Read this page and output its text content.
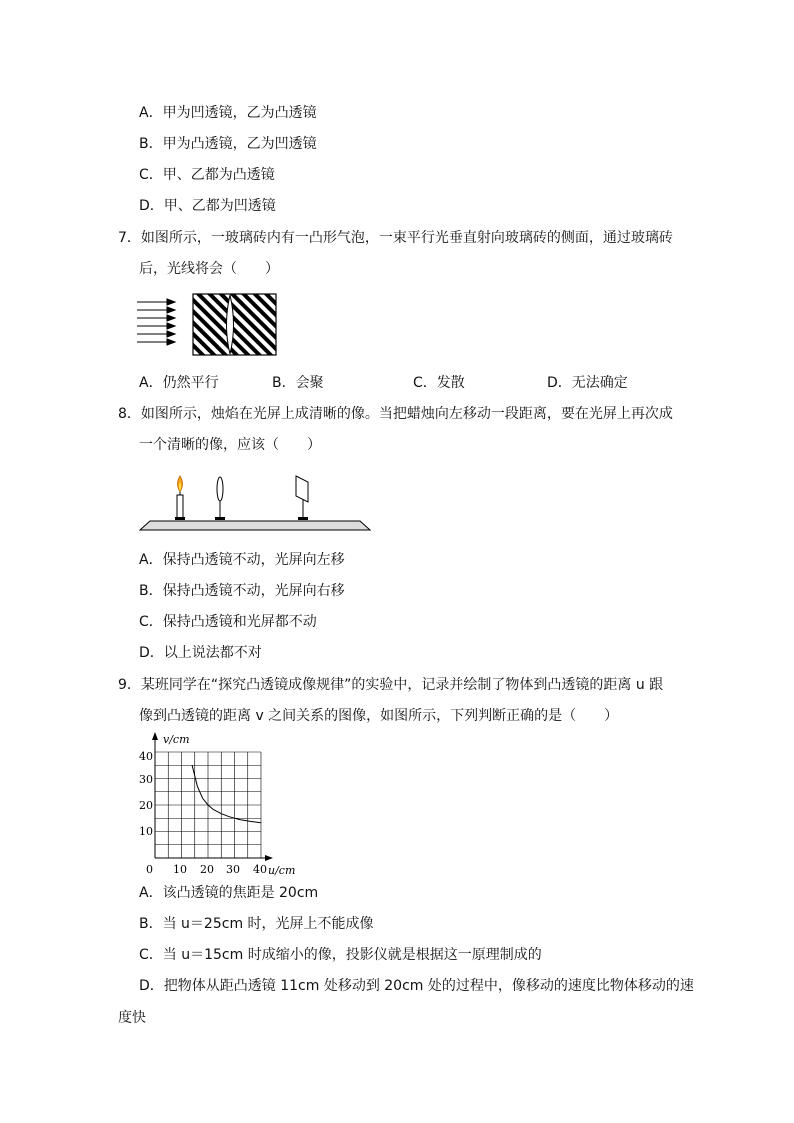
A．甲为凹透镜，乙为凸透镜
B．甲为凸透镜，乙为凹透镜
C．甲、乙都为凸透镜
D．甲、乙都为凹透镜
7．如图所示，一玻璃砖内有一凸形气泡，一束平行光垂直射向玻璃砖的侧面，通过玻璃砖
后，光线将会（　　）
A．仍然平行	B．会聚	C．发散	D．无法确定
8．如图所示，烛焰在光屏上成清晰的像。当把蜡烛向左移动一段距离，要在光屏上再次成
一个清晰的像，应该（　　）
A．保持凸透镜不动，光屏向左移
B．保持凸透镜不动，光屏向右移
C．保持凸透镜和光屏都不动
D．以上说法都不对
9．某班同学在“探究凸透镜成像规律”的实验中，记录并绘制了物体到凸透镜的距离 u 跟
像到凸透镜的距离 v 之间关系的图像，如图所示，下列判断正确的是（　　）
v/cm
u/cm
0 10 20 30 40
10
20
30
40
A．该凸透镜的焦距是 20cm
B．当 u＝25cm 时，光屏上不能成像
C．当 u＝15cm 时成缩小的像，投影仪就是根据这一原理制成的
D．把物体从距凸透镜 11cm 处移动到 20cm 处的过程中，像移动的速度比物体移动的速
度快
